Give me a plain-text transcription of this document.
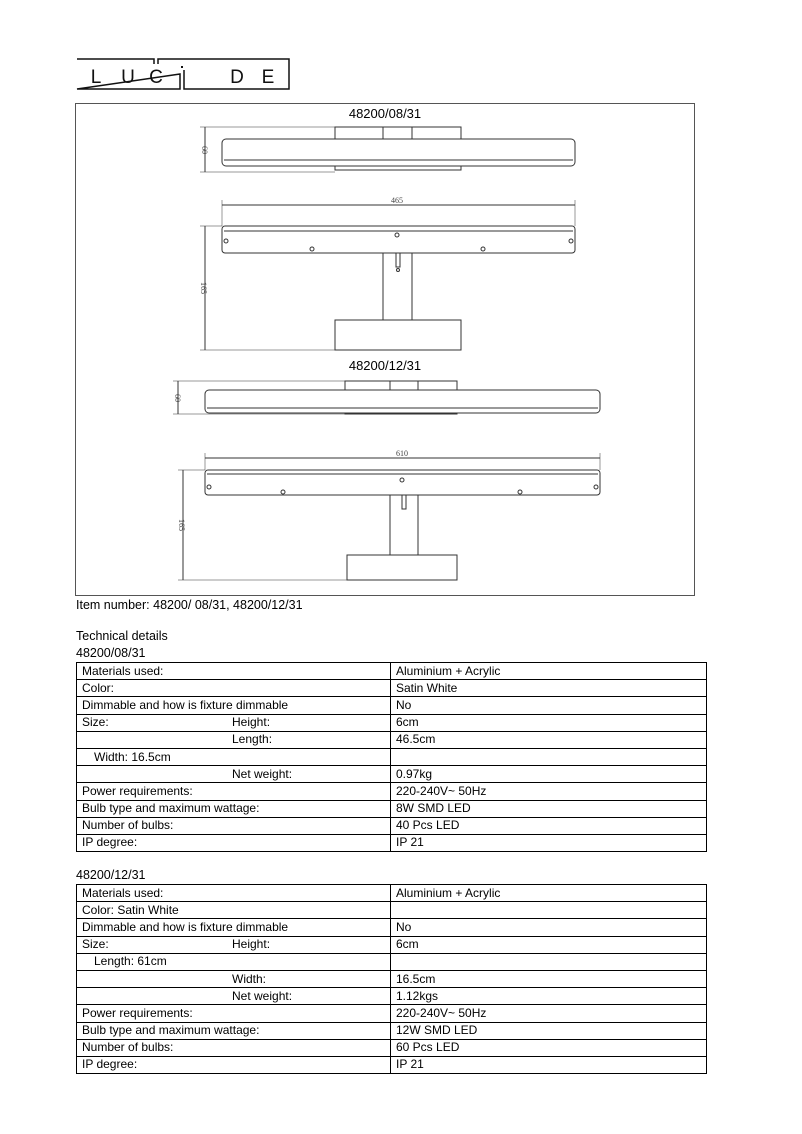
L U C	D E
48200/08/31
48200/12/31
465
60
165
610
60
165
Item number: 48200/ 08/31, 48200/12/31
Technical details
48200/08/31
48200/12/31
Materials used:	Aluminium + Acrylic
Color:	Satin White
Dimmable and how is fixture dimmable	No
Size: Height:	6cm
Length:	46.5cm
Width: 16.5cm	
Net weight:	0.97kg
Power requirements:	220-240V~ 50Hz
Bulb type and maximum wattage:	8W SMD LED
Number of bulbs:	40 Pcs LED
IP degree:	IP 21
Materials used:	Aluminium + Acrylic
Color: Satin White	
Dimmable and how is fixture dimmable	No
Size: Height:	6cm
Length: 61cm	
Width:	16.5cm
Net weight:	1.12kgs
Power requirements:	220-240V~ 50Hz
Bulb type and maximum wattage:	12W SMD LED
Number of bulbs:	60 Pcs LED
IP degree:	IP 21
